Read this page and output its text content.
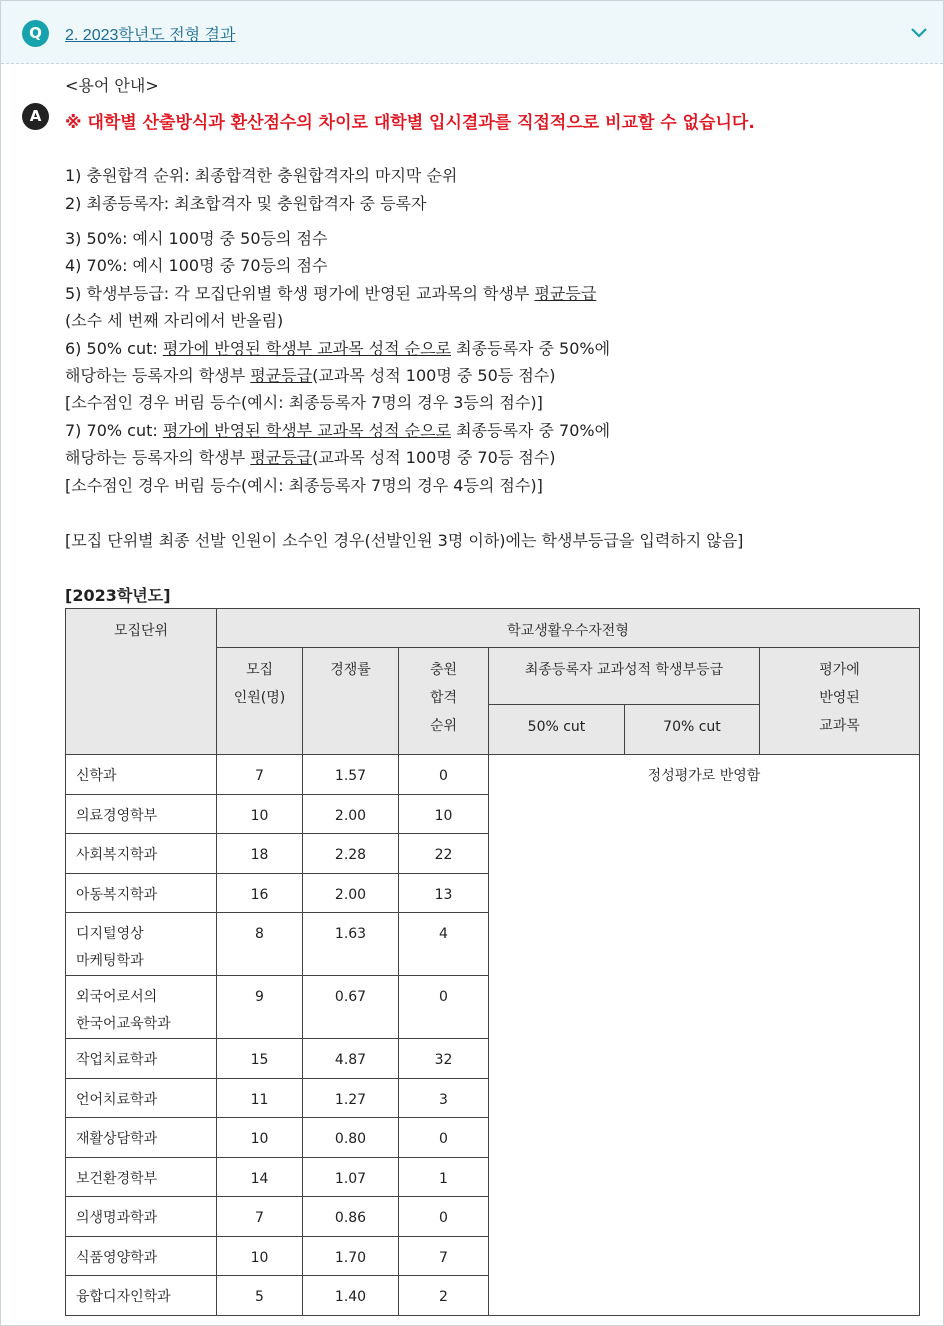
Q	2. 2023학년도 전형 결과
<용어 안내>
A	※ 대학별 산출방식과 환산점수의 차이로 대학별 입시결과를 직접적으로 비교할 수 없습니다.
1) 충원합격 순위: 최종합격한 충원합격자의 마지막 순위
2) 최종등록자: 최초합격자 및 충원합격자 중 등록자
3) 50%: 예시 100명 중 50등의 점수
4) 70%: 예시 100명 중 70등의 점수
5) 학생부등급: 각 모집단위별 학생 평가에 반영된 교과목의 학생부 평균등급
(소수 세 번째 자리에서 반올림)
6) 50% cut: 평가에 반영된 학생부 교과목 성적 순으로 최종등록자 중 50%에
해당하는 등록자의 학생부 평균등급(교과목 성적 100명 중 50등 점수)
[소수점인 경우 버림 등수(예시: 최종등록자 7명의 경우 3등의 점수)]
7) 70% cut: 평가에 반영된 학생부 교과목 성적 순으로 최종등록자 중 70%에
해당하는 등록자의 학생부 평균등급(교과목 성적 100명 중 70등 점수)
[소수점인 경우 버림 등수(예시: 최종등록자 7명의 경우 4등의 점수)]
[모집 단위별 최종 선발 인원이 소수인 경우(선발인원 3명 이하)에는 학생부등급을 입력하지 않음]
[2023학년도]
모집단위	학교생활우수자전형					

	모집
인원(명)	경쟁률	충원
합격
순위	최종등록자 교과성적 학생부등급		평가에
반영된
교과목

				50% cut	70% cut	

신학과	7	1.57	0	정성평가로 반영함		

의료경영학부	10	2.00	10			

사회복지학과	18	2.28	22			

아동복지학과	16	2.00	13			

디지털영상
마케팅학과	8	1.63	4			

외국어로서의
한국어교육학과	9	0.67	0			

작업치료학과	15	4.87	32			

언어치료학과	11	1.27	3			

재활상담학과	10	0.80	0			

보건환경학부	14	1.07	1			

의생명과학과	7	0.86	0			

식품영양학과	10	1.70	7			

융합디자인학과	5	1.40	2			
